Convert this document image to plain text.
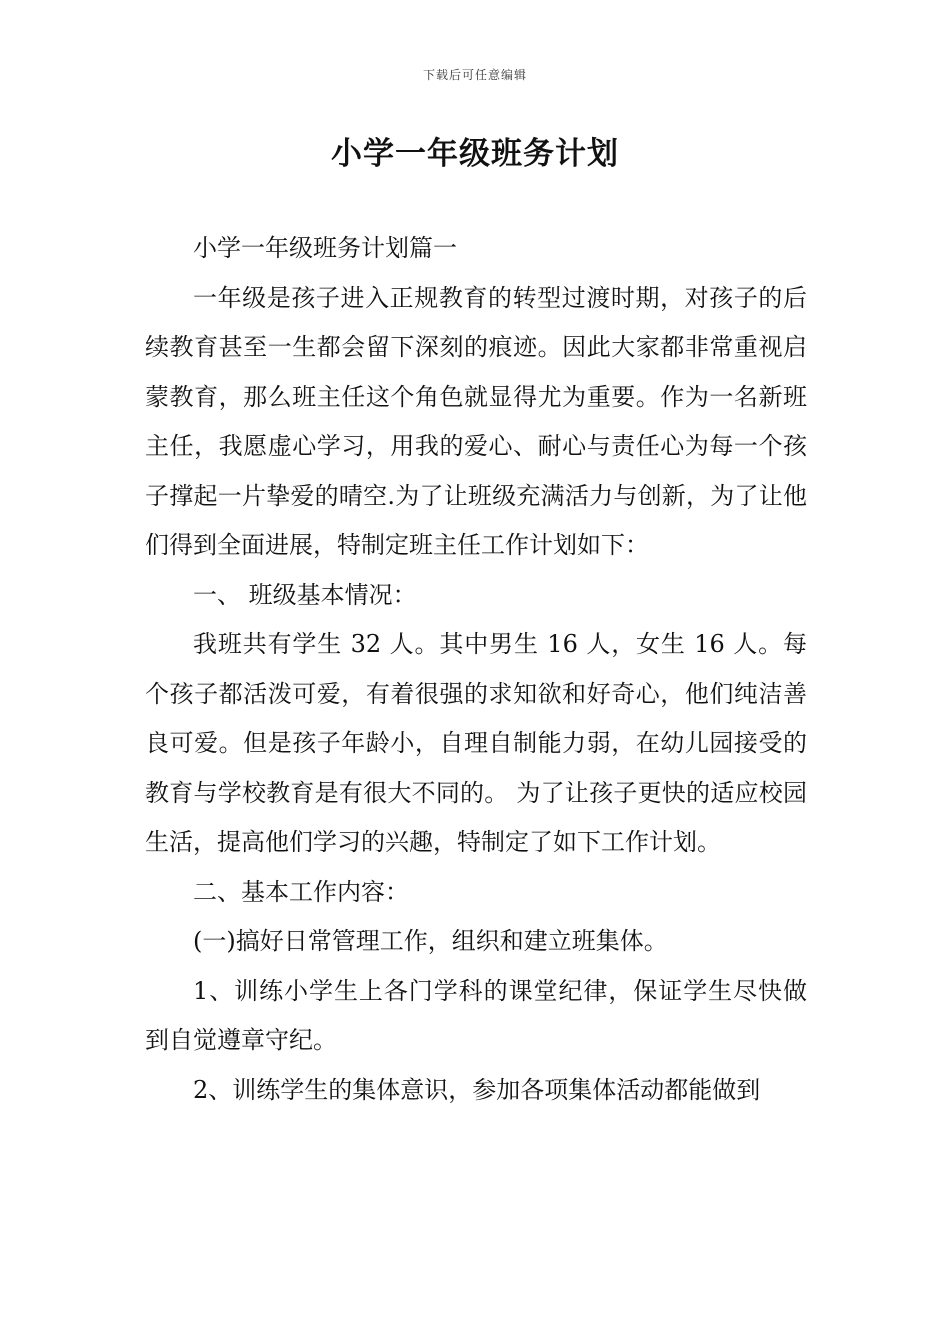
下载后可任意编辑
小学一年级班务计划

小学一年级班务计划篇一

一年级是孩子进入正规教育的转型过渡时期，对孩子的后续教育甚至一生都会留下深刻的痕迹。因此大家都非常重视启蒙教育，那么班主任这个角色就显得尤为重要。作为一名新班主任，我愿虚心学习，用我的爱心、耐心与责任心为每一个孩子撑起一片挚爱的晴空.为了让班级充满活力与创新，为了让他们得到全面进展，特制定班主任工作计划如下：

一、 班级基本情况：

我班共有学生 32 人。其中男生 16 人，女生 16 人。每个孩子都活泼可爱，有着很强的求知欲和好奇心，他们纯洁善良可爱。但是孩子年龄小，自理自制能力弱，在幼儿园接受的教育与学校教育是有很大不同的。 为了让孩子更快的适应校园生活，提高他们学习的兴趣，特制定了如下工作计划。

二、基本工作内容：

(一)搞好日常管理工作，组织和建立班集体。

1、训练小学生上各门学科的课堂纪律，保证学生尽快做到自觉遵章守纪。

2、训练学生的集体意识，参加各项集体活动都能做到
